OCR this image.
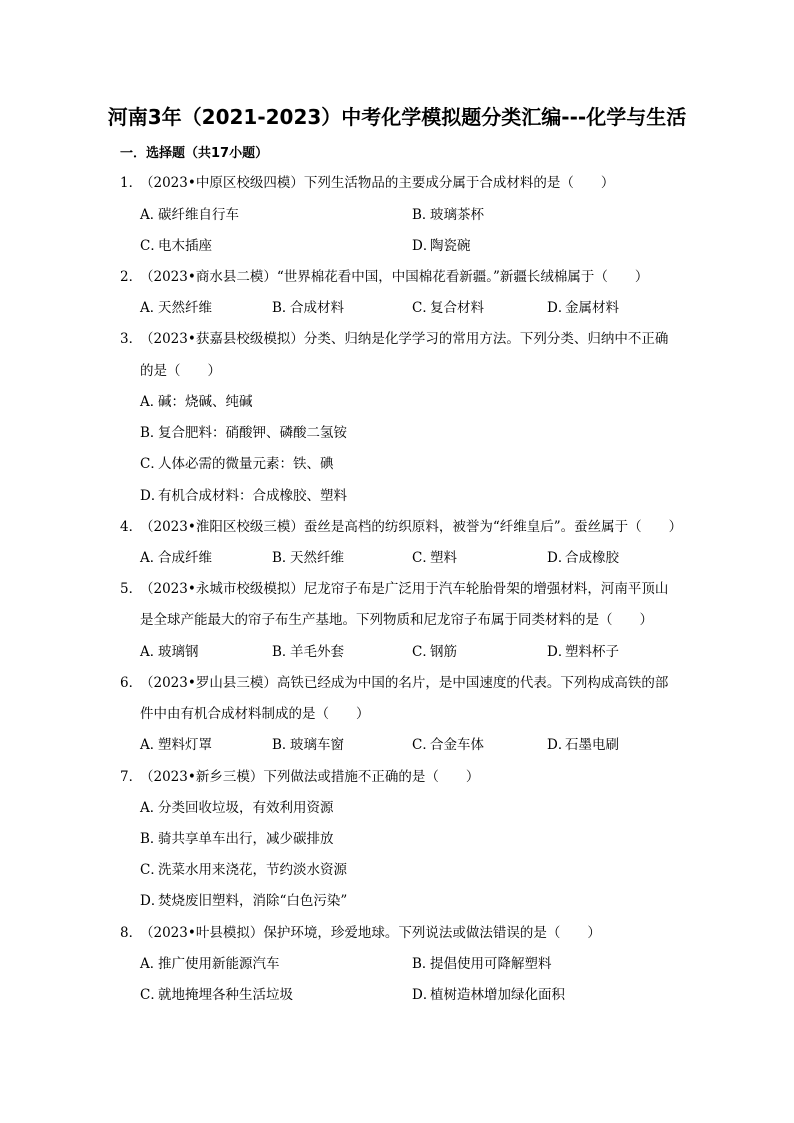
河南3年（2021-2023）中考化学模拟题分类汇编---化学与生活
一．选择题（共17小题）
1．（2023•中原区校级四模）下列生活物品的主要成分属于合成材料的是（　　）
A．碳纤维自行车	B．玻璃茶杯
C．电木插座	D．陶瓷碗
2．（2023•商水县二模）“世界棉花看中国，中国棉花看新疆。”新疆长绒棉属于（　　）
A．天然纤维	B．合成材料	C．复合材料	D．金属材料
3．（2023•获嘉县校级模拟）分类、归纳是化学学习的常用方法。下列分类、归纳中不正确
的是（　　）
A．碱：烧碱、纯碱
B．复合肥料：硝酸钾、磷酸二氢铵
C．人体必需的微量元素：铁、碘
D．有机合成材料：合成橡胶、塑料
4．（2023•淮阳区校级三模）蚕丝是高档的纺织原料，被誉为“纤维皇后”。蚕丝属于（　　）
A．合成纤维	B．天然纤维	C．塑料	D．合成橡胶
5．（2023•永城市校级模拟）尼龙帘子布是广泛用于汽车轮胎骨架的增强材料，河南平顶山
是全球产能最大的帘子布生产基地。下列物质和尼龙帘子布属于同类材料的是（　　）
A．玻璃钢	B．羊毛外套	C．钢筋	D．塑料杯子
6．（2023•罗山县三模）高铁已经成为中国的名片，是中国速度的代表。下列构成高铁的部
件中由有机合成材料制成的是（　　）
A．塑料灯罩	B．玻璃车窗	C．合金车体	D．石墨电刷
7．（2023•新乡三模）下列做法或措施不正确的是（　　）
A．分类回收垃圾，有效利用资源
B．骑共享单车出行，减少碳排放
C．洗菜水用来浇花，节约淡水资源
D．焚烧废旧塑料，消除“白色污染”
8．（2023•叶县模拟）保护环境，珍爱地球。下列说法或做法错误的是（　　）
A．推广使用新能源汽车	B．提倡使用可降解塑料
C．就地掩埋各种生活垃圾	D．植树造林增加绿化面积
